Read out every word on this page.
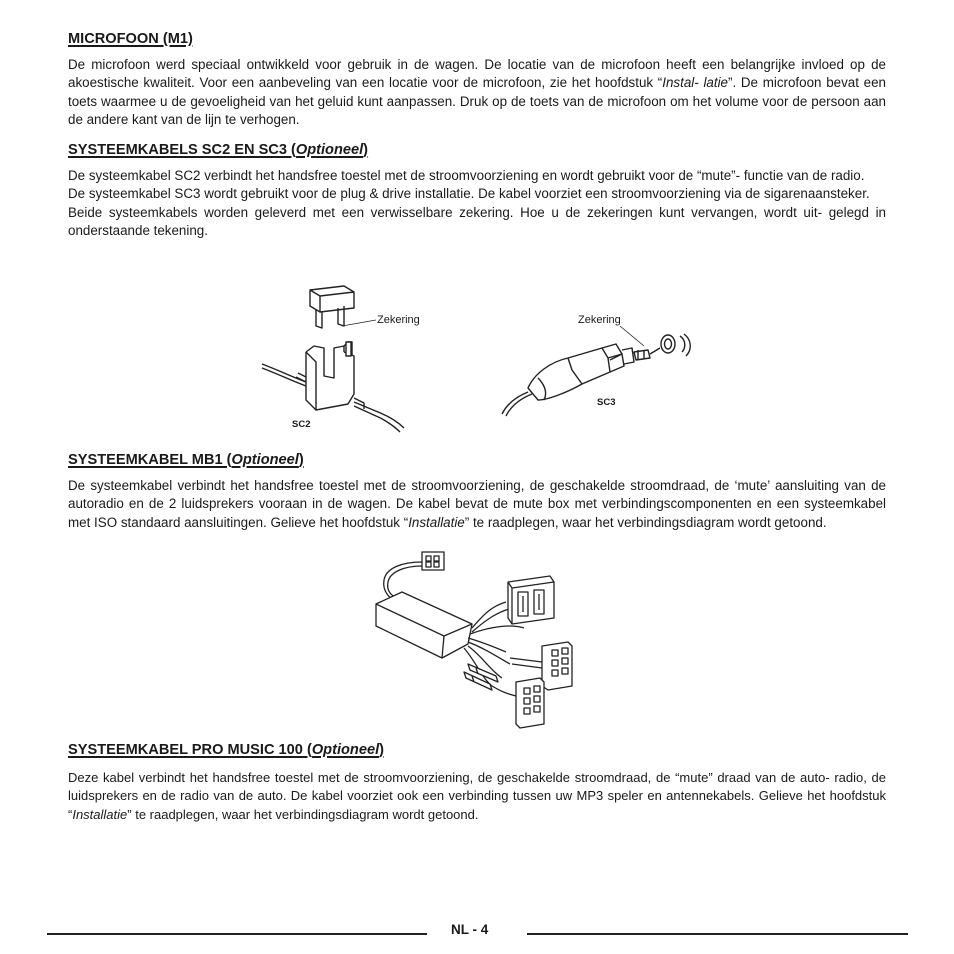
MICROFOON (M1)

De microfoon werd speciaal ontwikkeld voor gebruik in de wagen. De locatie van de microfoon heeft een belangrijke invloed op de akoestische kwaliteit. Voor een aanbeveling van een locatie voor de microfoon, zie het hoofdstuk “Instal- latie”. De microfoon bevat een toets waarmee u de gevoeligheid van het geluid kunt aanpassen. Druk op de toets van de microfoon om het volume voor de persoon aan de andere kant van de lijn te verhogen.

SYSTEEMKABELS SC2 EN SC3 (Optioneel)

De systeemkabel SC2 verbindt het handsfree toestel met de stroomvoorziening en wordt gebruikt voor de “mute”- functie van de radio.
De systeemkabel SC3 wordt gebruikt voor de plug & drive installatie. De kabel voorziet een stroomvoorziening via de sigarenaansteker.
Beide systeemkabels worden geleverd met een verwisselbare zekering. Hoe u de zekeringen kunt vervangen, wordt uit- gelegd in onderstaande tekening.

Zekering
SC2
Zekering
SC3
SYSTEEMKABEL MB1 (Optioneel)

De systeemkabel verbindt het handsfree toestel met de stroomvoorziening, de geschakelde stroomdraad, de ‘mute’ aansluiting van de autoradio en de 2 luidsprekers vooraan in de wagen. De kabel bevat de mute box met verbindingscomponenten en een systeemkabel met ISO standaard aansluitingen. Gelieve het hoofdstuk “Installatie” te raadplegen, waar het verbindingsdiagram wordt getoond.

SYSTEEMKABEL PRO MUSIC 100 (Optioneel)

Deze kabel verbindt het handsfree toestel met de stroomvoorziening, de geschakelde stroomdraad, de “mute” draad van de auto- radio, de luidsprekers en de radio van de auto. De kabel voorziet ook een verbinding tussen uw MP3 speler en antennekabels. Gelieve het hoofdstuk “Installatie” te raadplegen, waar het verbindingsdiagram wordt getoond.

NL - 4
